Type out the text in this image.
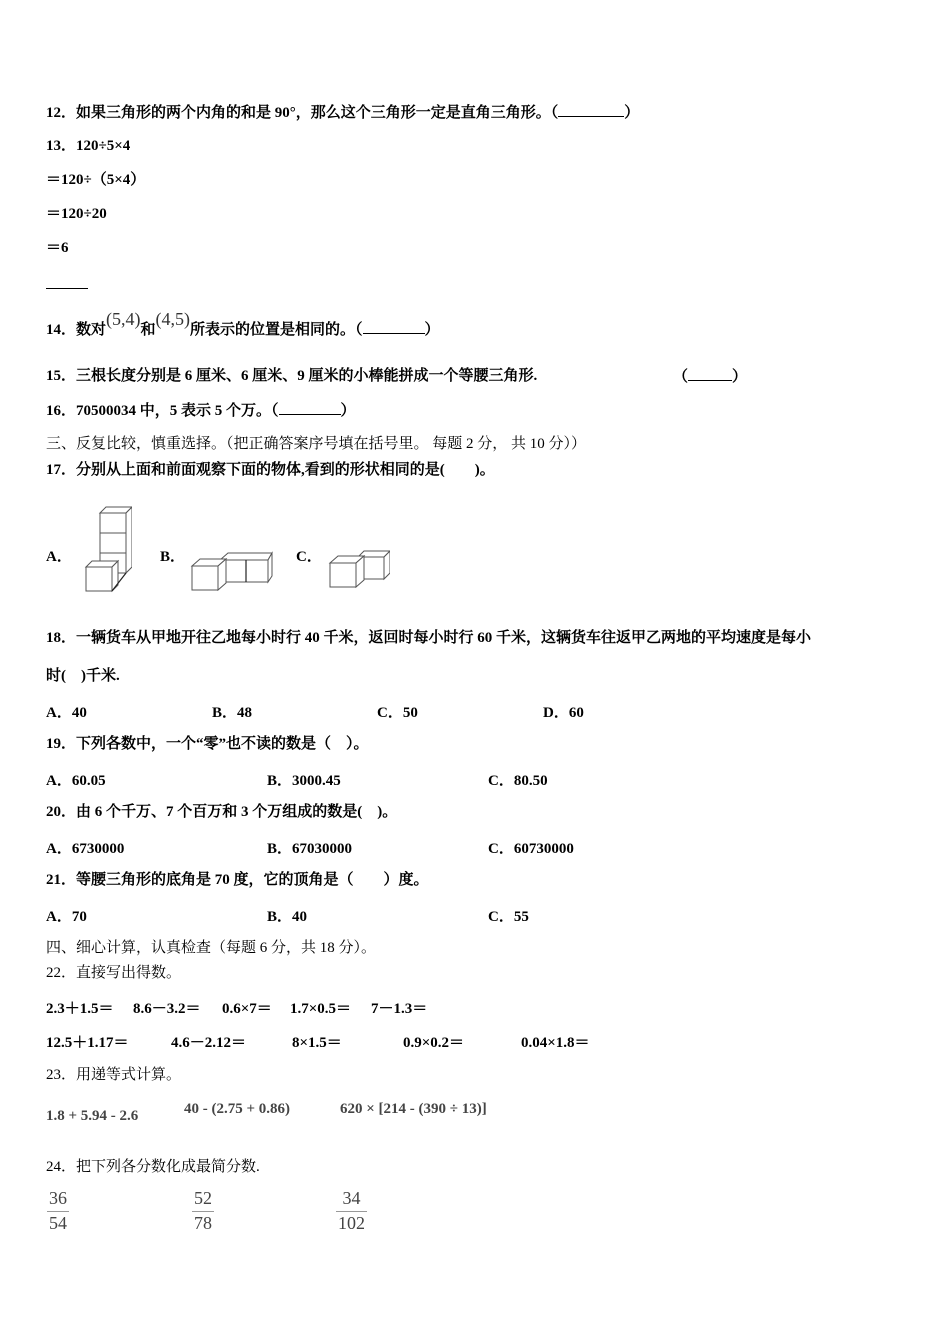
12．如果三角形的两个内角的和是 90°，那么这个三角形一定是直角三角形。（	）
13．120÷5×4
＝120÷（5×4）
＝120÷20
＝6
14．数对(5,4)和(4,5)所表示的位置是相同的。（	）
15．三根长度分别是 6 厘米、6 厘米、9 厘米的小棒能拼成一个等腰三角形.	（	）
16．70500034 中，5 表示 5 个万。（	）
三、反复比较，慎重选择。（把正确答案序号填在括号里。 每题 2 分， 共 10 分））
17．分别从上面和前面观察下面的物体,看到的形状相同的是(　　)。
A．	B．	C．
18．一辆货车从甲地开往乙地每小时行 40 千米，返回时每小时行 60 千米，这辆货车往返甲乙两地的平均速度是每小
时(　)千米.
A．40	B．48	C．50	D．60
19．下列各数中，一个“零”也不读的数是（　）。
A．60.05	B．3000.45	C．80.50
20．由 6 个千万、7 个百万和 3 个万组成的数是(　)。
A．6730000	B．67030000	C．60730000
21．等腰三角形的底角是 70 度，它的顶角是（　　）度。
A．70	B．40	C．55
四、细心计算，认真检查（每题 6 分，共 18 分）。
22．直接写出得数。
2.3＋1.5＝ 8.6－3.2＝ 0.6×7＝ 1.7×0.5＝ 7－1.3＝
12.5＋1.17＝	4.6－2.12＝	8×1.5＝	0.9×0.2＝	0.04×1.8＝
23．用递等式计算。
1.8 + 5.94 - 2.6	40 - (2.75 + 0.86)	620 × [214 - (390 ÷ 13)]
24．把下列各分数化成最简分数.
36
54
52
78
34
102
